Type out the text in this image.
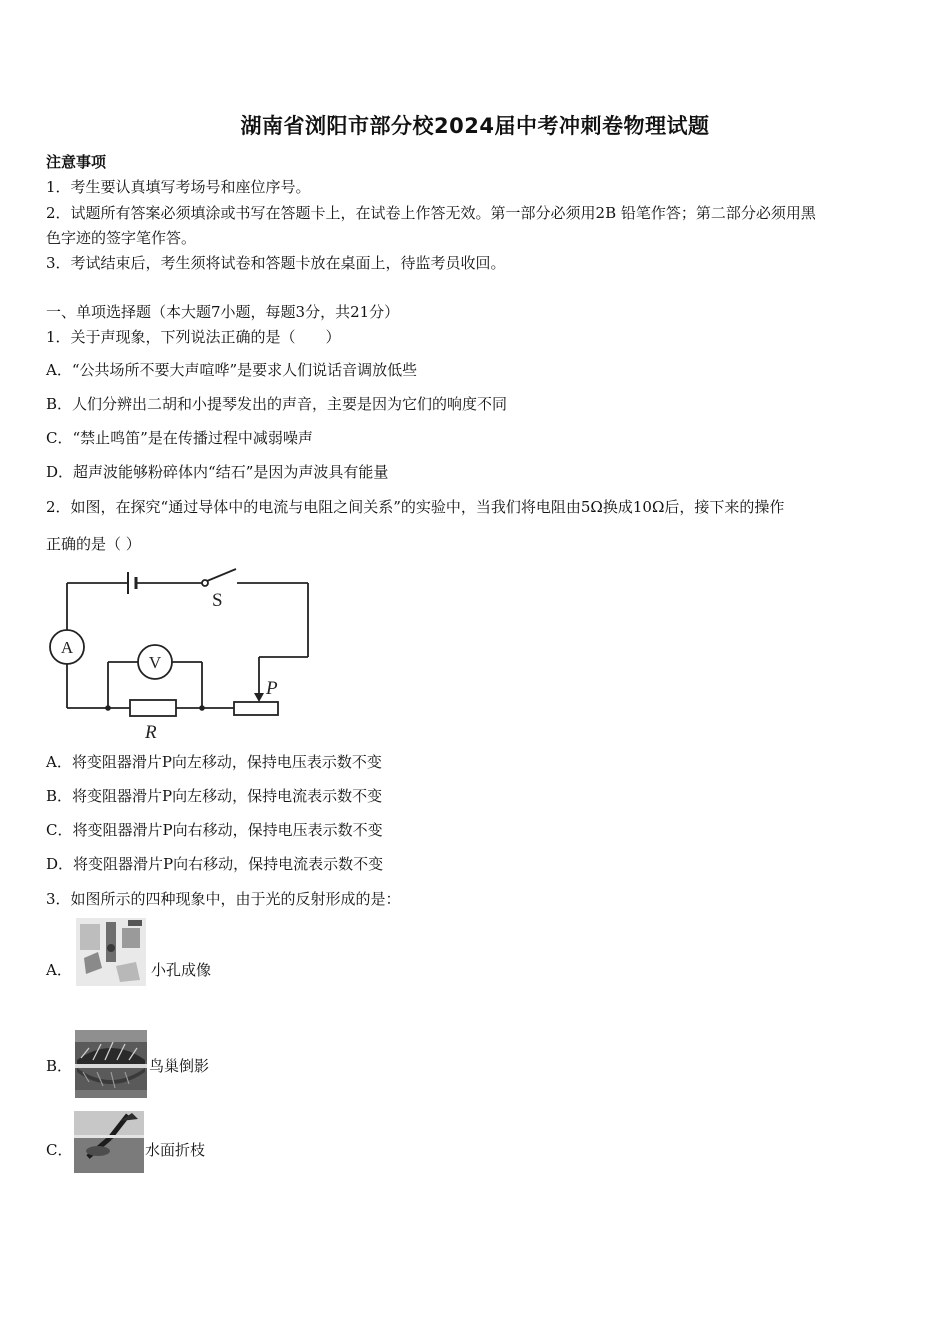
湖南省浏阳市部分校2024届中考冲刺卷物理试题
注意事项
1．考生要认真填写考场号和座位序号。
2．试题所有答案必须填涂或书写在答题卡上，在试卷上作答无效。第一部分必须用2B 铅笔作答；第二部分必须用黑
色字迹的签字笔作答。
3．考试结束后，考生须将试卷和答题卡放在桌面上，待监考员收回。
一、单项选择题（本大题7小题，每题3分，共21分）
1．关于声现象，下列说法正确的是（　　）
A．“公共场所不要大声喧哗”是要求人们说话音调放低些
B．人们分辨出二胡和小提琴发出的声音，主要是因为它们的响度不同
C．“禁止鸣笛”是在传播过程中减弱噪声
D．超声波能够粉碎体内“结石”是因为声波具有能量
2．如图，在探究“通过导体中的电流与电阻之间关系”的实验中，当我们将电阻由5Ω换成10Ω后，接下来的操作
正确的是（ ）
A
V
S
P
R
A．将变阻器滑片P向左移动，保持电压表示数不变
B．将变阻器滑片P向左移动，保持电流表示数不变
C．将变阻器滑片P向右移动，保持电压表示数不变
D．将变阻器滑片P向右移动，保持电流表示数不变
3．如图所示的四种现象中，由于光的反射形成的是：
A．	小孔成像
B．	鸟巢倒影
C．	水面折枝
